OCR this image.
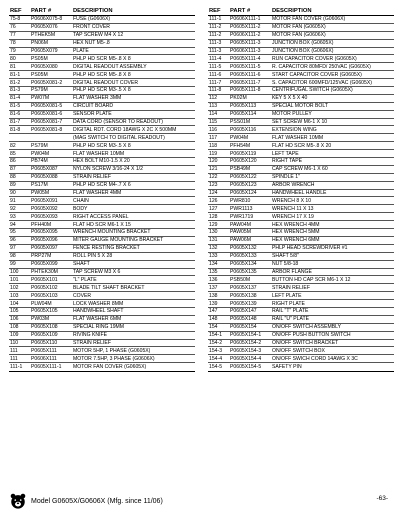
REF	PART #	DESCRIPTION
75-8	P0606X075-8	FUSE (G0606X)
76	P0605X076	FRONT COVER
77	PTHEK5M	TAP SCREW M4 X 12
78	PN06M	HEX NUT M5-.8
79	P0605X079	PLATE
80	PS05M	PHLP HD SCR M5-.8 X 8
81	P0605X080	DIGITAL READOUT ASSEMBLY
81-1	PS05M	PHLP HD SCR M5-.8 X 8
81-2	P0605X081-2	DIGITAL READOUT COVER
81-3	PS79M	PHLP HD SCR M3-.5 X 8
81-4	PW07M	FLAT WASHER 3MM
81-5	P0605X081-5	CIRCUIT BOARD
81-6	P0605X081-6	SENSOR PLATE
81-7	P0605X081-7	DATA CORD (SENSOR TO READOUT)
81-8	P0605X081-8	DIGITAL RDT. CORD 18AWG X 2C X 500MM
(MAG SWITCH TO DIGITAL READOUT)
82	PS79M	PHLP HD SCR M3-.5 X 8
85	PW04M	FLAT WASHER 10MM
86	PB74M	HEX BOLT M10-1.5 X 20
87	P0605X087	NYLON SCREW 3/16-24 X 1/2
88	P0605X088	STRAIN RELIEF
89	PS17M	PHLP HD SCR M4-.7 X 6
90	PW05M	FLAT WASHER 4MM
91	P0605X091	CHAIN
92	P0605X092	BODY
93	P0605X093	RIGHT ACCESS PANEL
94	PFH40M	FLAT HD SCR M6-1 X 15
95	P0605X095	WRENCH MOUNTING BRACKET
96	P0605X096	MITER GAUGE MOUNTING BRACKET
97	P0605X097	FENCE RESTING BRACKET
98	PRP27M	ROLL PIN 5 X 28
99	P0605X099	SHAFT
100	PHTEK30M	TAP SCREW M3 X 6
101	P0605X101	"L" PLATE
102	P0605X102	BLADE TILT SHAFT BRACKET
103	P0605X103	COVER
104	PLW04M	LOCK WASHER 8MM
105	P0605X105	HANDWHEEL SHAFT
106	PW03M	FLAT WASHER 6MM
108	P0605X108	SPECIAL RING 19MM
109	P0605X109	RIVING KNIFE
110	P0605X110	STRAIN RELIEF
111	P0605X111	MOTOR 5HP, 1 PHASE (G0605X)
111	P0606X111	MOTOR 7.5HP, 3 PHASE (G0606X)
111-1	P0605X111-1	MOTOR FAN COVER (G0605X)
REF	PART #	DESCRIPTION
111-1	P0606X111-1	MOTOR FAN COVER (G0606X)
111-2	P0605X111-2	MOTOR FAN (G0605X)
111-2	P0606X111-2	MOTOR FAN (G0606X)
111-3	P0605X111-3	JUNCTION BOX (G0605X)
111-3	P0606X111-3	JUNCTION BOX (G0606X)
111-4	P0605X111-4	RUN CAPACITOR COVER (G0605X)
111-5	P0605X111-5	R. CAPACITOR 80MFD/ 250VAC (G0605X)
111-6	P0605X111-6	START CAPACITOR COVER (G0605X)
111-7	P0605X111-7	S. CAPACITOR 600MFD/125VAC (G0605X)
111-8	P0605X111-8	CENTRIFUGAL SWITCH (G0605X)
112	PK02M	KEY 5 X 5 X 40
113	P0605X113	SPECIAL MOTOR BOLT
114	P0605X114	MOTOR PULLEY
115	PSS01M	SET SCREW M6-1 X 10
116	P0605X116	EXTENSION WING
117	PW04M	FLAT WASHER 10MM
118	PFH54M	FLAT HD SCR M5-.8 X 20
119	P0605X119	LEFT TAPE
120	P0605X120	RIGHT TAPE
121	PSB49M	CAP SCREW M6-1 X 60
122	P0605X122	SPINDLE 1"
123	P0605X123	ARBOR WRENCH
124	P0605X124	HANDWHEEL HANDLE
126	PWR810	WRENCH 8 X 10
127	PWR1113	WRENCH 11 X 13
128	PWR1719	WRENCH 17 X 19
129	PAW04M	HEX WRENCH 4MM
130	PAW05M	HEX WRENCH 5MM
131	PAW06M	HEX WRENCH 6MM
132	P0605X132	PHLP HEAD SCREWDRIVER #1
133	P0605X133	SHAFT 5/8"
134	P0605X134	NUT 5/8-18
135	P0605X135	ARBOR FLANGE
136	PSB50M	BUTTON HD CAP SCR M6-1 X 12
137	P0605X137	STRAIN RELIEF
138	P0605X138	LEFT PLATE
139	P0605X139	RIGHT PLATE
147	P0605X147	RAIL "T" PLATE
148	P0605X148	RAIL "U" PLATE
154	P0605X154	ON/OFF SWITCH ASSEMBLY
154-1	P0605X154-1	ON/OFF PUSH BUTTON SWITCH
154-2	P0605X154-2	ON/OFF SWITCH BRACKET
154-3	P0605X154-3	ON/OFF SWITCH BOX
154-4	P0605X154-4	ON/OFF SWICH CORD 14AWG X 3C
154-5	P0605X154-5	SAFETY PIN
Model G0605X/G0606X (Mfg. since 11/06)	-63-
